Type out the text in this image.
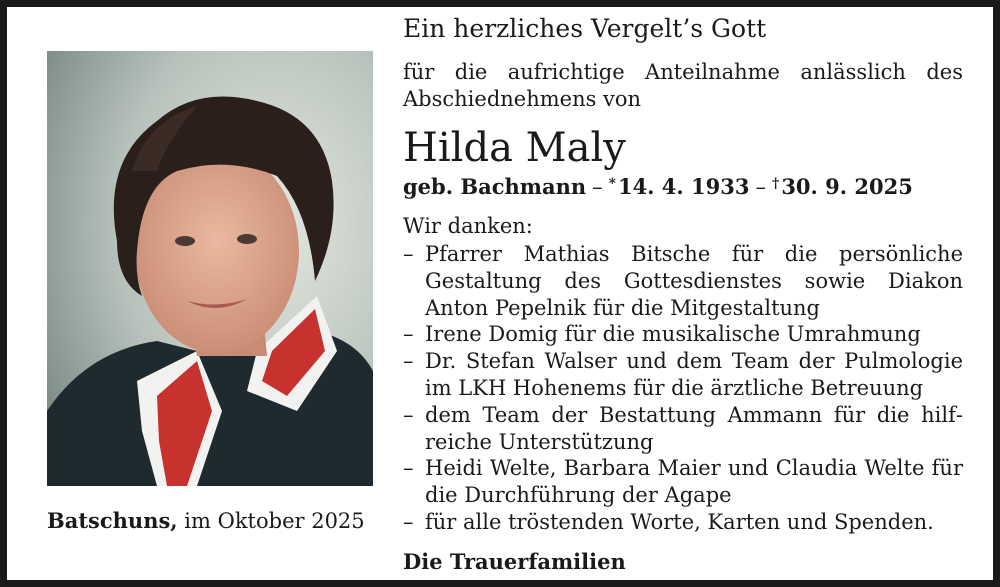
Batschuns, im Oktober 2025
Ein herzliches Vergelt’s Gott
für die aufrichtige Anteilnahme anlässlich des Abschiednehmens von
Hilda Maly
geb. Bachmann – *14. 4. 1933 – †30. 9. 2025
Wir danken:
– Pfarrer Mathias Bitsche für die persönliche Gestaltung des Gottesdienstes sowie Diakon Anton Pepelnik für die Mitgestaltung
– Irene Domig für die musikalische Umrahmung
– Dr. Stefan Walser und dem Team der Pulmologie im LKH Hohenems für die ärztliche Betreuung
– dem Team der Bestattung Ammann für die hilfreiche Unterstützung
– Heidi Welte, Barbara Maier und Claudia Welte für die Durchführung der Agape
– für alle tröstenden Worte, Karten und Spenden.
Die Trauerfamilien
